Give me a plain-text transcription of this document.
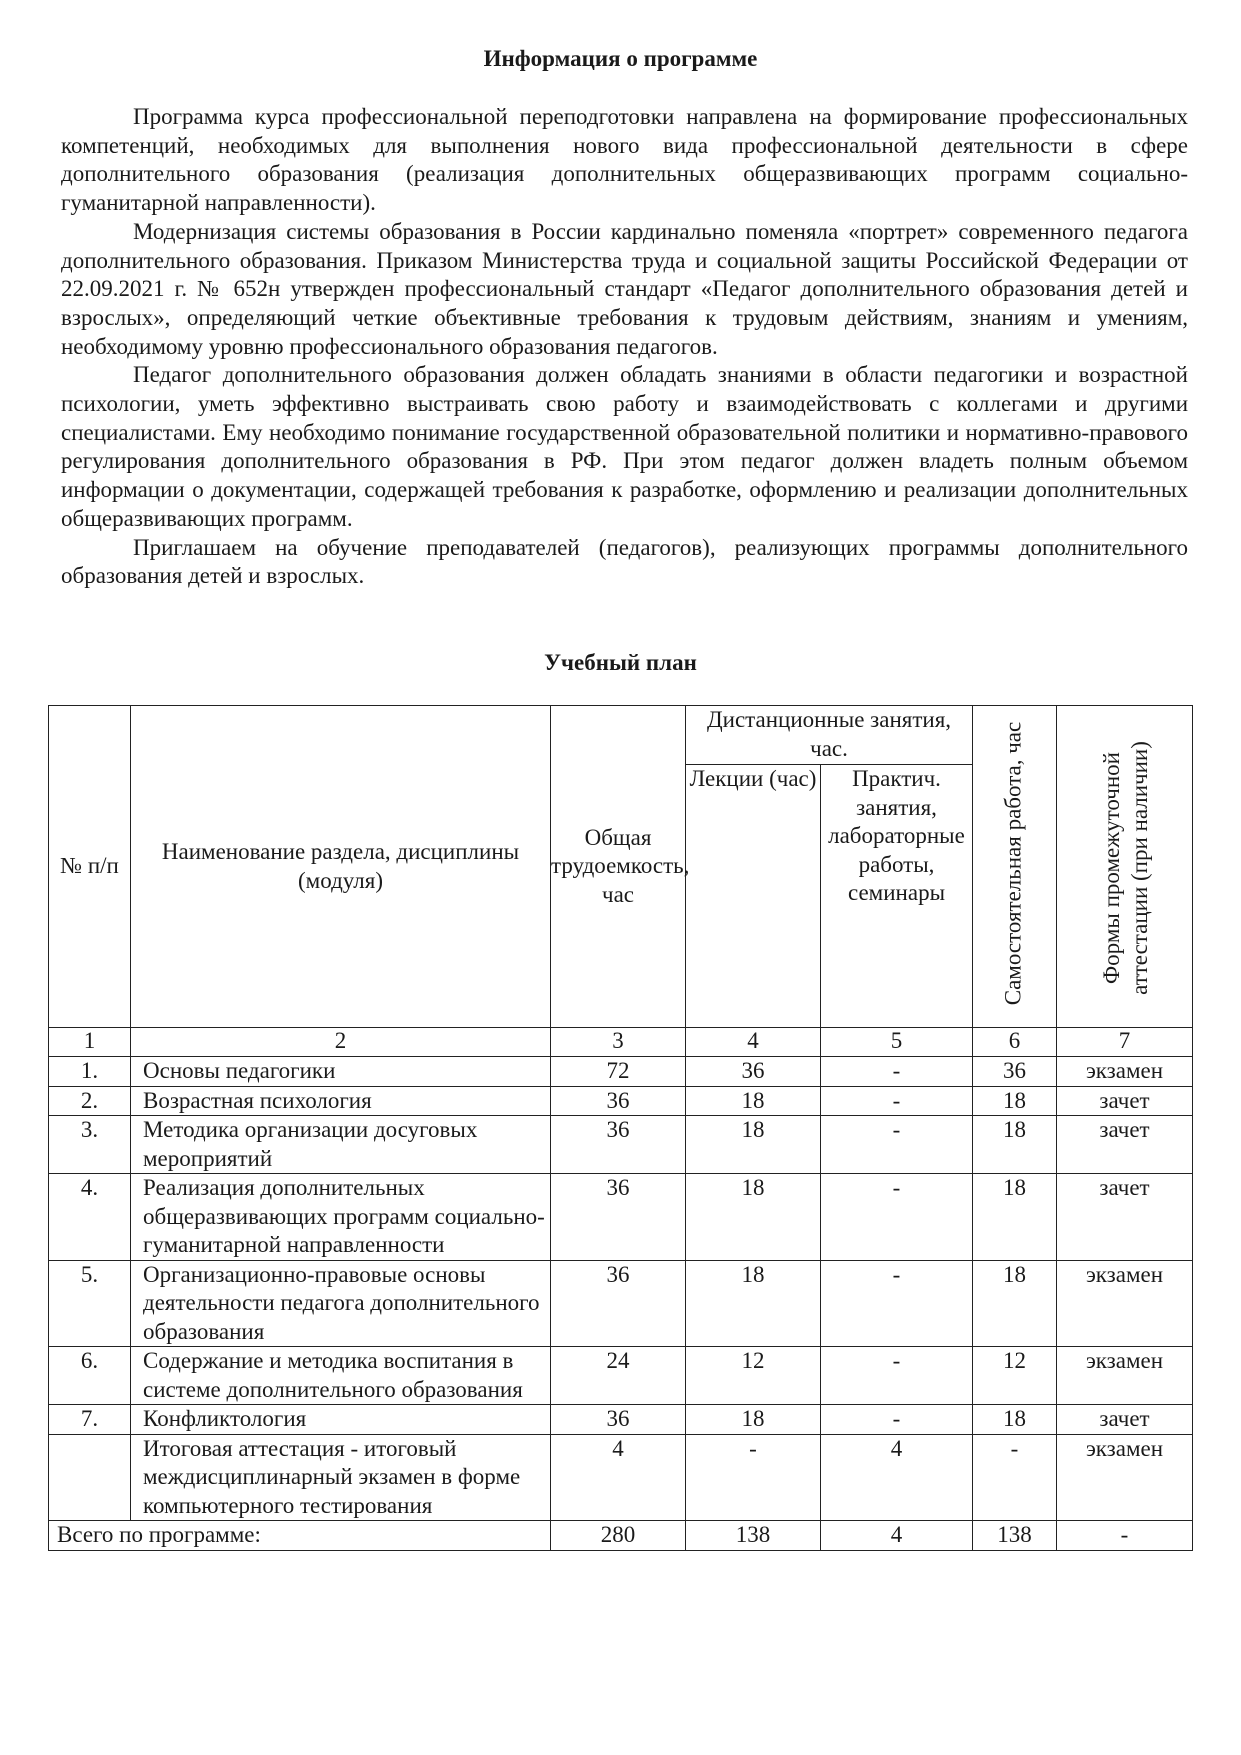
Информация о программе

Программа курса профессиональной переподготовки направлена на формирование профессиональных компетенций, необходимых для выполнения нового вида профессиональной деятельности в сфере дополнительного образования (реализация дополнительных общеразвивающих программ социально-гуманитарной направленности).

Модернизация системы образования в России кардинально поменяла «портрет» современного педагога дополнительного образования. Приказом Министерства труда и социальной защиты Российской Федерации от 22.09.2021 г. № 652н утвержден профессиональный стандарт «Педагог дополнительного образования детей и взрослых», определяющий четкие объективные требования к трудовым действиям, знаниям и умениям, необходимому уровню профессионального образования педагогов.

Педагог дополнительного образования должен обладать знаниями в области педагогики и возрастной психологии, уметь эффективно выстраивать свою работу и взаимодействовать с коллегами и другими специалистами. Ему необходимо понимание государственной образовательной политики и нормативно-правового регулирования дополнительного образования в РФ. При этом педагог должен владеть полным объемом информации о документации, содержащей требования к разработке, оформлению и реализации дополнительных общеразвивающих программ.

Приглашаем на обучение преподавателей (педагогов), реализующих программы дополнительного образования детей и взрослых.

Учебный план
№ п/п	Наименование раздела, дисциплины (модуля)	Общая трудоемкость, час	Дистанционные занятия, час.		Самостоятельная работа, час	Формы промежуточной аттестации (при наличии)

			Лекции (час)	Практич. занятия, лабораторные работы, семинары		
1	2	3	4	5	6	7
1.	Основы педагогики	72	36	-	36	экзамен
2.	Возрастная психология	36	18	-	18	зачет
3.	Методика организации досуговых мероприятий	36	18	-	18	зачет
4.	Реализация дополнительных общеразвивающих программ социально-гуманитарной направленности	36	18	-	18	зачет
5.	Организационно-правовые основы деятельности педагога дополнительного образования	36	18	-	18	экзамен
6.	Содержание и методика воспитания в системе дополнительного образования	24	12	-	12	экзамен
7.	Конфликтология	36	18	-	18	зачет
	Итоговая аттестация - итоговый междисциплинарный экзамен в форме компьютерного тестирования	4	-	4	-	экзамен
Всего по программе:		280	138	4	138	-
